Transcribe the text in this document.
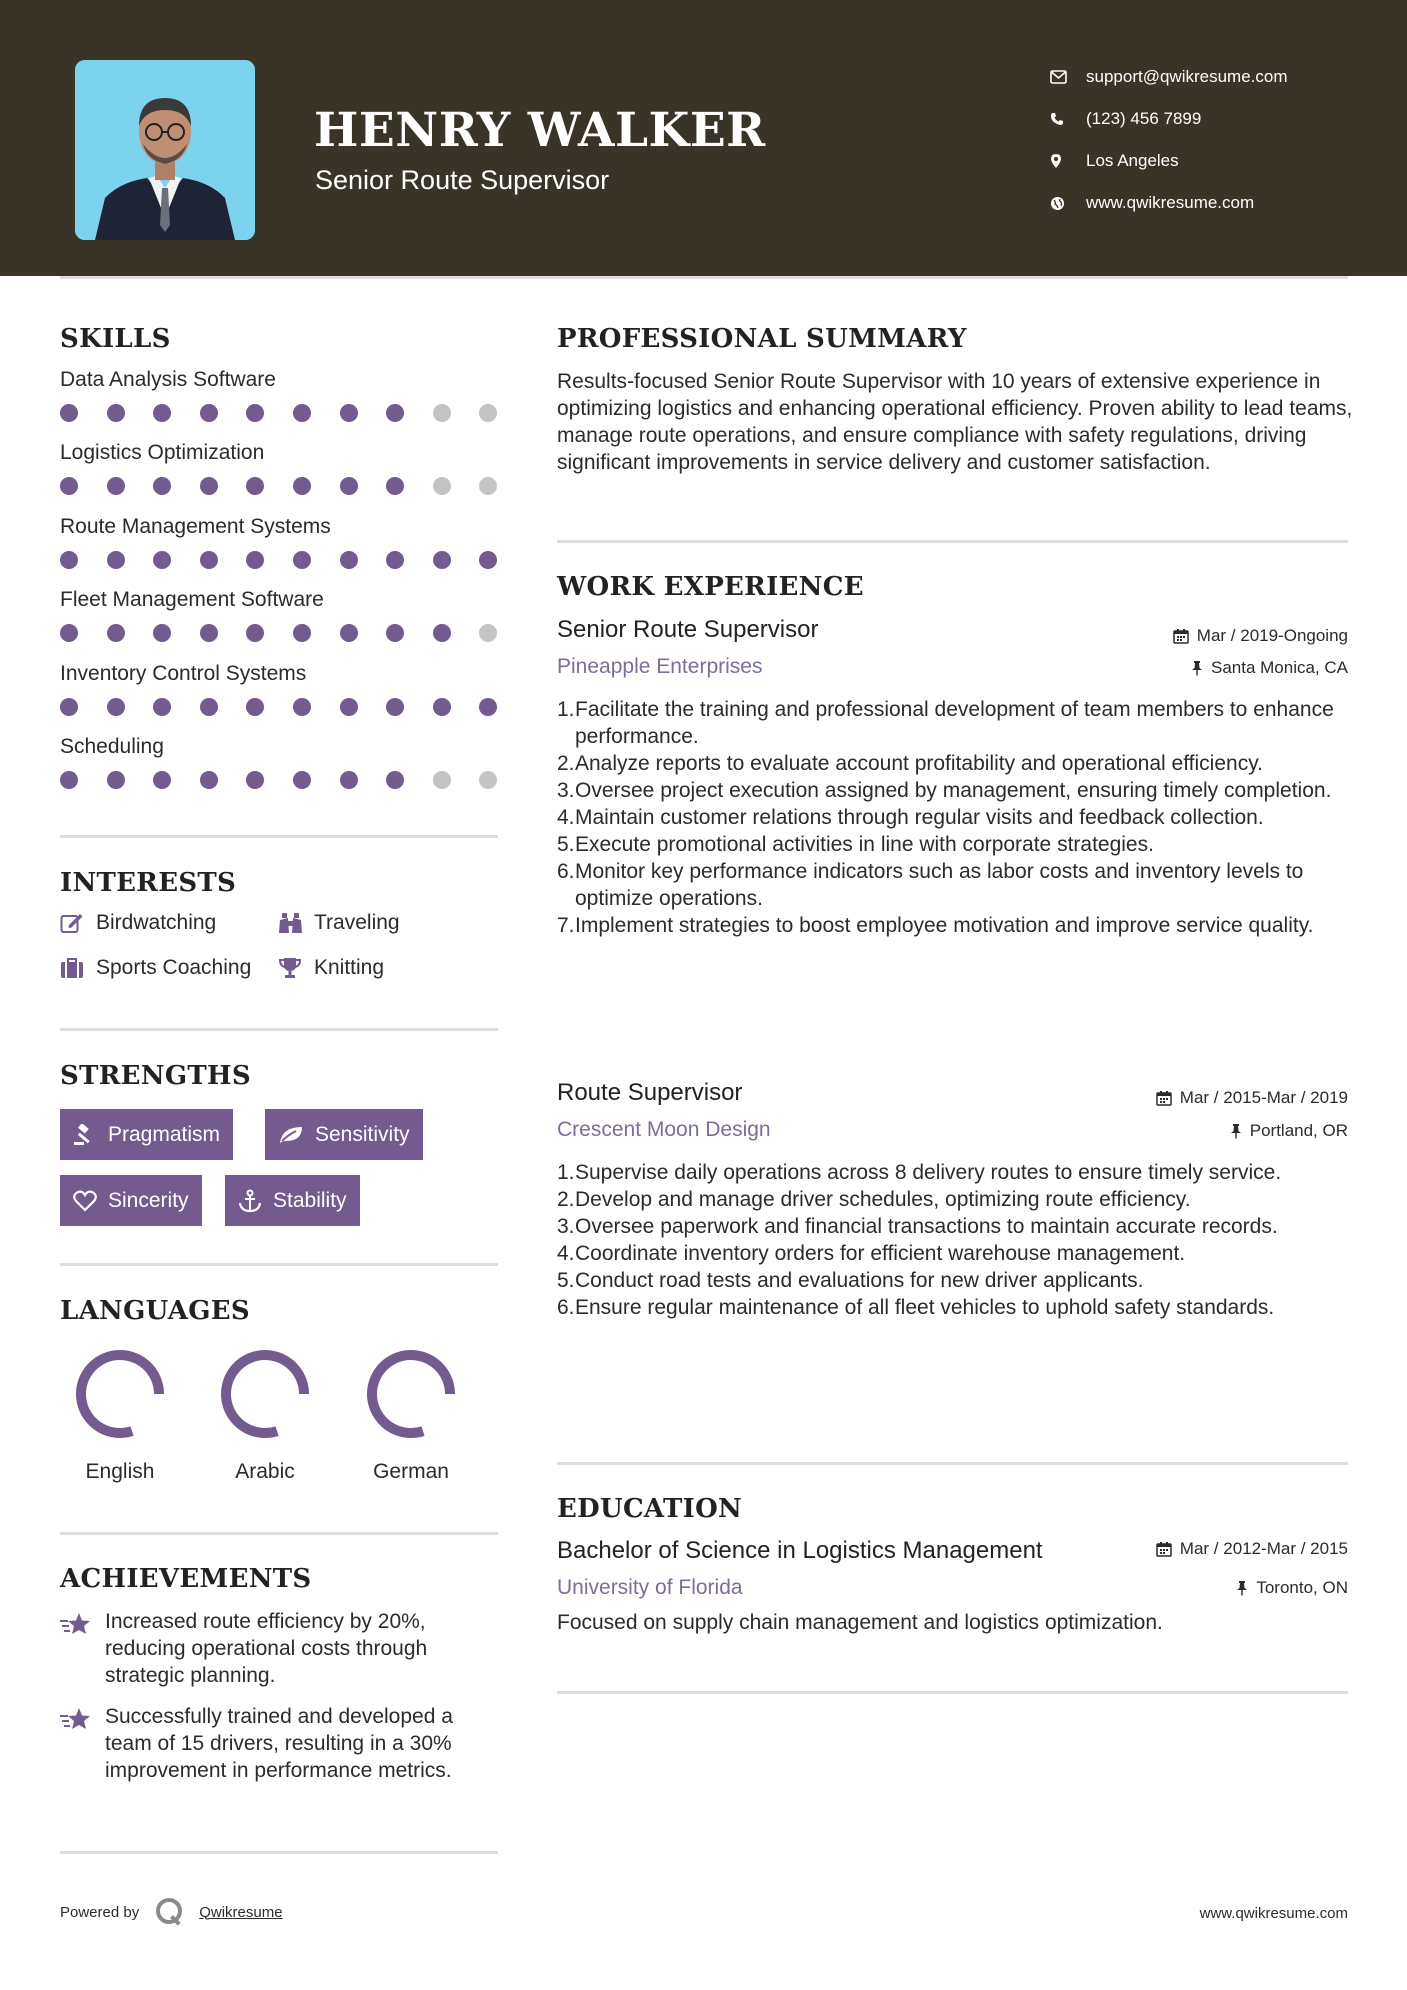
HENRY WALKER
Senior Route Supervisor
support@qwikresume.com
(123) 456 7899
Los Angeles
www.qwikresume.com
SKILLS
Data Analysis Software
Logistics Optimization
Route Management Systems
Fleet Management Software
Inventory Control Systems
Scheduling
INTERESTS
Birdwatching	Traveling
Sports Coaching	Knitting
STRENGTHS
Pragmatism	Sensitivity
Sincerity	Stability
LANGUAGES
English	Arabic	German
ACHIEVEMENTS
Increased route efficiency by 20%, reducing operational costs through strategic planning.
Successfully trained and developed a team of 15 drivers, resulting in a 30% improvement in performance metrics.
PROFESSIONAL SUMMARY
Results-focused Senior Route Supervisor with 10 years of extensive experience in optimizing logistics and enhancing operational efficiency. Proven ability to lead teams, manage route operations, and ensure compliance with safety regulations, driving significant improvements in service delivery and customer satisfaction.
WORK EXPERIENCE
Senior Route Supervisor	Mar / 2019-Ongoing
Pineapple Enterprises	Santa Monica, CA
1. Facilitate the training and professional development of team members to enhance performance.
2. Analyze reports to evaluate account profitability and operational efficiency.
3. Oversee project execution assigned by management, ensuring timely completion.
4. Maintain customer relations through regular visits and feedback collection.
5. Execute promotional activities in line with corporate strategies.
6. Monitor key performance indicators such as labor costs and inventory levels to optimize operations.
7. Implement strategies to boost employee motivation and improve service quality.
Route Supervisor	Mar / 2015-Mar / 2019
Crescent Moon Design	Portland, OR
1. Supervise daily operations across 8 delivery routes to ensure timely service.
2. Develop and manage driver schedules, optimizing route efficiency.
3. Oversee paperwork and financial transactions to maintain accurate records.
4. Coordinate inventory orders for efficient warehouse management.
5. Conduct road tests and evaluations for new driver applicants.
6. Ensure regular maintenance of all fleet vehicles to uphold safety standards.
EDUCATION
Bachelor of Science in Logistics Management	Mar / 2012-Mar / 2015
University of Florida	Toronto, ON
Focused on supply chain management and logistics optimization.
Powered by	Qwikresume	www.qwikresume.com
